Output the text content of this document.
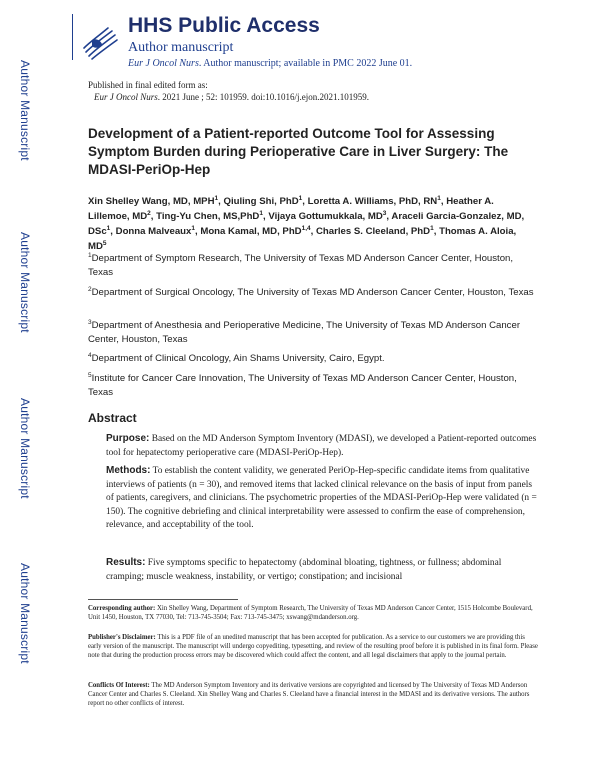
Author Manuscript
Author Manuscript
Author Manuscript
Author Manuscript
HHS Public Access
Author manuscript
Eur J Oncol Nurs. Author manuscript; available in PMC 2022 June 01.
Published in final edited form as:
Eur J Oncol Nurs. 2021 June ; 52: 101959. doi:10.1016/j.ejon.2021.101959.
Development of a Patient-reported Outcome Tool for Assessing Symptom Burden during Perioperative Care in Liver Surgery: The MDASI-PeriOp-Hep
Xin Shelley Wang, MD, MPH$^1$, Qiuling Shi, PhD$^1$, Loretta A. Williams, PhD, $RN^1$, Heather A. Lillemoe, $MD^2$, Ting-Yu Chen, MS,PhD$^1$, Vijaya Gottumukkala, $MD^3$, Araceli Garcia-Gonzalez, MD, DSc$^1$, Donna Malveaux$^1$, Mona Kamal, MD, PhD$^{1,4}$, Charles S. Cleeland, PhD$^1$, Thomas A. Aloia, $MD^5$
$^1$Department of Symptom Research, The University of Texas MD Anderson Cancer Center, Houston, Texas
$^2$Department of Surgical Oncology, The University of Texas MD Anderson Cancer Center, Houston, Texas
$^3$Department of Anesthesia and Perioperative Medicine, The University of Texas MD Anderson Cancer Center, Houston, Texas
$^4$Department of Clinical Oncology, Ain Shams University, Cairo, Egypt.
$^5$Institute for Cancer Care Innovation, The University of Texas MD Anderson Cancer Center, Houston, Texas
Abstract
Purpose: Based on the MD Anderson Symptom Inventory (MDASI), we developed a Patient-reported outcomes tool for hepatectomy perioperative care (MDASI-PeriOp-Hep).
Methods: To establish the content validity, we generated PeriOp-Hep-specific candidate items from qualitative interviews of patients (n = 30), and removed items that lacked clinical relevance on the basis of input from panels of patients, caregivers, and clinicians. The psychometric properties of the MDASI-PeriOp-Hep were validated (n = 150). The cognitive debriefing and clinical interpretability were assessed to confirm the ease of comprehension, relevance, and acceptability of the tool.
Results: Five symptoms specific to hepatectomy (abdominal bloating, tightness, or fullness; abdominal cramping; muscle weakness, instability, or vertigo; constipation; and incisional
Corresponding author: Xin Shelley Wang, Department of Symptom Research, The University of Texas MD Anderson Cancer Center, 1515 Holcombe Boulevard, Unit 1450, Houston, TX 77030, Tel: 713-745-3504; Fax: 713-745-3475; xswang@mdanderson.org.
Publisher's Disclaimer: This is a PDF file of an unedited manuscript that has been accepted for publication. As a service to our customers we are providing this early version of the manuscript. The manuscript will undergo copyediting, typesetting, and review of the resulting proof before it is published in its final form. Please note that during the production process errors may be discovered which could affect the content, and all legal disclaimers that apply to the journal pertain.
Conflicts Of Interest: The MD Anderson Symptom Inventory and its derivative versions are copyrighted and licensed by The University of Texas MD Anderson Cancer Center and Charles S. Cleeland. Xin Shelley Wang and Charles S. Cleeland have a financial interest in the MDASI and its derivative versions. The authors report no other conflicts of interest.
